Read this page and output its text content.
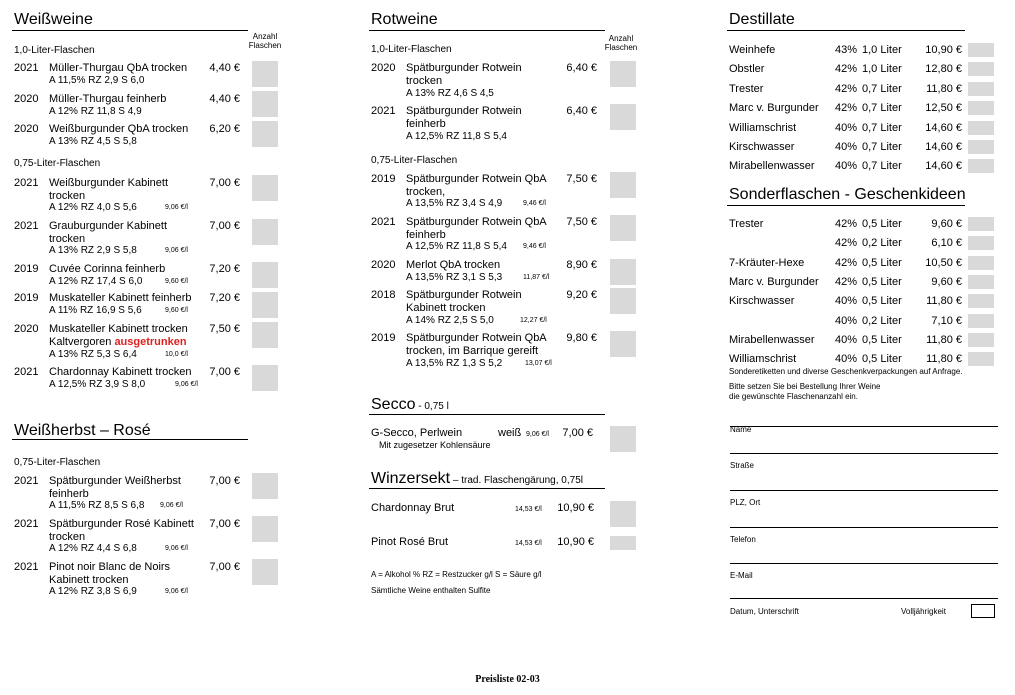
Weißweine
Anzahl Flaschen
1,0-Liter-Flaschen
2021 Müller-Thurgau QbA trocken
A 11,5% RZ 2,9 S 6,0
4,40 €
2020 Müller-Thurgau feinherb
A 12% RZ 11,8 S 4,9
4,40 €
2020 Weißburgunder QbA trocken
A 13% RZ 4,5 S 5,8
6,20 €
0,75-Liter-Flaschen
2021 Weißburgunder Kabinett trocken
A 12% RZ 4,0 S 5,6	9,06 €/l
7,00 €
2021 Grauburgunder Kabinett trocken
A 13% RZ 2,9 S 5,8	9,06 €/l
7,00 €
2019 Cuvée Corinna feinherb
A 12% RZ 17,4 S 6,0	9,60 €/l
7,20 €
2019 Muskateller Kabinett feinherb
A 11% RZ 16,9 S 5,6	9,60 €/l
7,20 €
2020 Muskateller Kabinett trocken
Kaltvergoren ausgetrunken
A 13% RZ 5,3 S 6,4	10,0 €/l
7,50 €
2021 Chardonnay Kabinett trocken
A 12,5% RZ 3,9 S 8,0	9,06 €/l
7,00 €
Weißherbst – Rosé
0,75-Liter-Flaschen
2021 Spätburgunder Weißherbst feinherb
A 11,5% RZ 8,5 S 6,8 9,06 €/l
7,00 €
2021 Spätburgunder Rosé Kabinett trocken
A 12% RZ 4,4 S 6,8	9,06 €/l
7,00 €
2021 Pinot noir Blanc de Noirs Kabinett trocken
A 12% RZ 3,8 S 6,9	9,06 €/l
7,00 €
Rotweine
Anzahl Flaschen
1,0-Liter-Flaschen
2020 Spätburgunder Rotwein trocken
A 13% RZ 4,6 S 4,5
6,40 €
2021 Spätburgunder Rotwein feinherb
A 12,5% RZ 11,8 S 5,4
6,40 €
0,75-Liter-Flaschen
2019 Spätburgunder Rotwein QbA trocken,
A 13,5% RZ 3,4 S 4,9	9,46 €/l
7,50 €
2021 Spätburgunder Rotwein QbA feinherb
A 12,5% RZ 11,8 S 5,4 9,46 €/l
7,50 €
2020 Merlot QbA trocken
A 13,5% RZ 3,1 S 5,3	11,87 €/l
8,90 €
2018 Spätburgunder Rotwein Kabinett trocken
A 14% RZ 2,5 S 5,0	12,27 €/l
9,20 €
2019 Spätburgunder Rotwein QbA trocken, im Barrique gereift
A 13,5% RZ 1,3 S 5,2	13,07 €/l
9,80 €
Secco - 0,75 l
G-Secco, Perlwein	weiß 9,06 €/l	7,00 €
Mit zugesetzer Kohlensäure
Winzersekt – trad. Flaschengärung, 0,75l
Chardonnay Brut	14,53 €/l	10,90 €
Pinot Rosé Brut	14,53 €/l	10,90 €
A = Alkohol % RZ = Restzucker g/l S = Säure g/l
Sämtliche Weine enthalten Sulfite
Destillate
Weinhefe	43% 1,0 Liter	10,90 €
Obstler	42% 1,0 Liter	12,80 €
Trester	42% 0,7 Liter	11,80 €
Marc v. Burgunder 42% 0,7 Liter	12,50 €
Williamschrist	40% 0,7 Liter	14,60 €
Kirschwasser	40% 0,7 Liter	14,60 €
Mirabellenwasser 40% 0,7 Liter	14,60 €
Sonderflaschen - Geschenkideen
Trester	42% 0,5 Liter	9,60 €
42% 0,2 Liter	6,10 €
7-Kräuter-Hexe	42% 0,5 Liter	10,50 €
Marc v. Burgunder 42% 0,5 Liter	9,60 €
Kirschwasser	40% 0,5 Liter	11,80 €
40% 0,2 Liter	7,10 €
Mirabellenwasser 40% 0,5 Liter	11,80 €
Williamschrist	40% 0,5 Liter	11,80 €
Sonderetiketten und diverse Geschenkverpackungen auf Anfrage.
Bitte setzen Sie bei Bestellung Ihrer Weine
die gewünschte Flaschenanzahl ein.
Name
Straße
PLZ, Ort
Telefon
E-Mail
Datum, Unterschrift	Volljährigkeit
Preisliste 02-03
